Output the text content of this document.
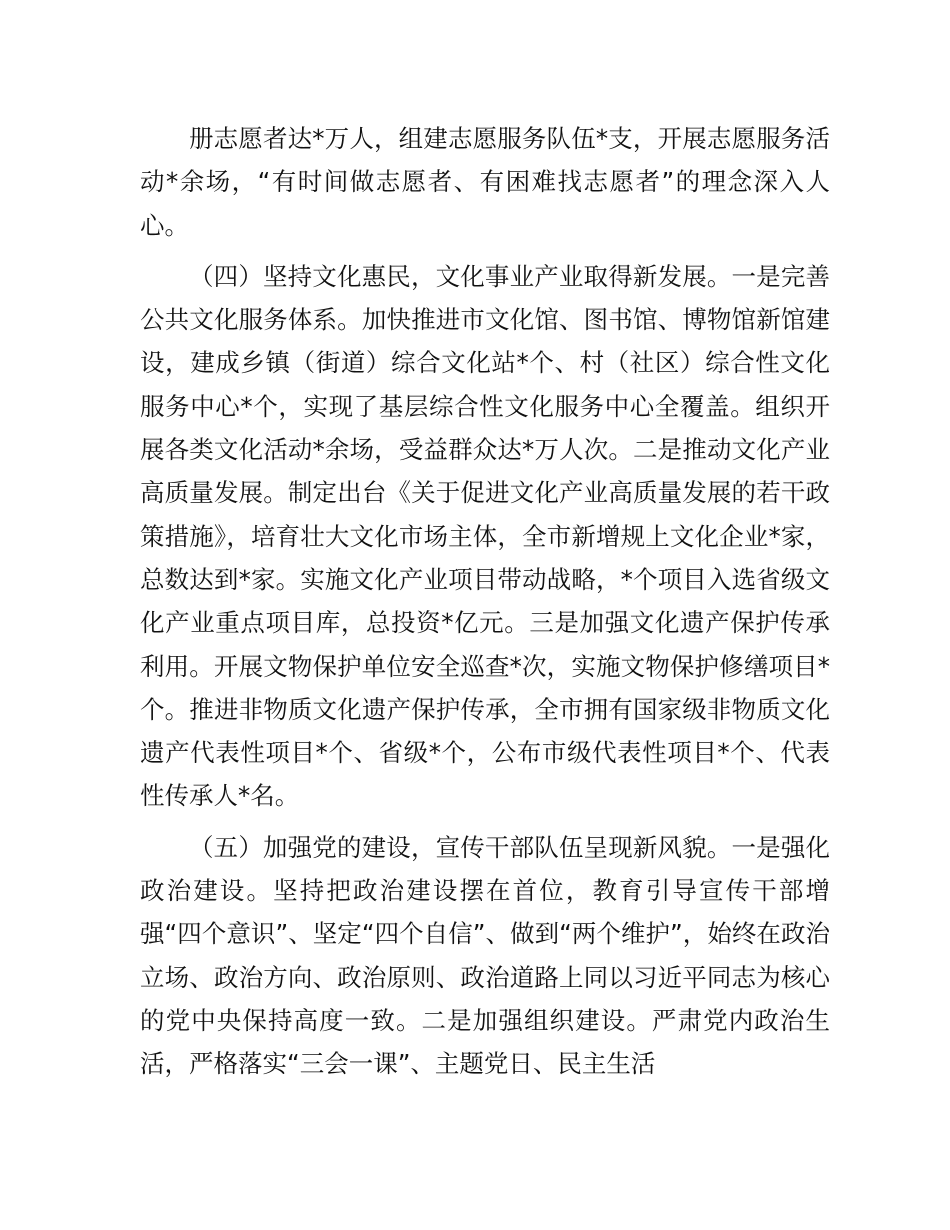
册志愿者达*万人，组建志愿服务队伍*支，开展志愿服务活动*余场，“有时间做志愿者、有困难找志愿者”的理念深入人心。

（四）坚持文化惠民，文化事业产业取得新发展。一是完善公共文化服务体系。加快推进市文化馆、图书馆、博物馆新馆建设，建成乡镇（街道）综合文化站*个、村（社区）综合性文化服务中心*个，实现了基层综合性文化服务中心全覆盖。组织开展各类文化活动*余场，受益群众达*万人次。二是推动文化产业高质量发展。制定出台《关于促进文化产业高质量发展的若干政策措施》，培育壮大文化市场主体，全市新增规上文化企业*家，总数达到*家。实施文化产业项目带动战略，*个项目入选省级文化产业重点项目库，总投资*亿元。三是加强文化遗产保护传承利用。开展文物保护单位安全巡查*次，实施文物保护修缮项目*个。推进非物质文化遗产保护传承，全市拥有国家级非物质文化遗产代表性项目*个、省级*个，公布市级代表性项目*个、代表性传承人*名。

（五）加强党的建设，宣传干部队伍呈现新风貌。一是强化政治建设。坚持把政治建设摆在首位，教育引导宣传干部增强“四个意识”、坚定“四个自信”、做到“两个维护”，始终在政治立场、政治方向、政治原则、政治道路上同以习近平同志为核心的党中央保持高度一致。二是加强组织建设。严肃党内政治生活，严格落实“三会一课”、主题党日、民主生活
